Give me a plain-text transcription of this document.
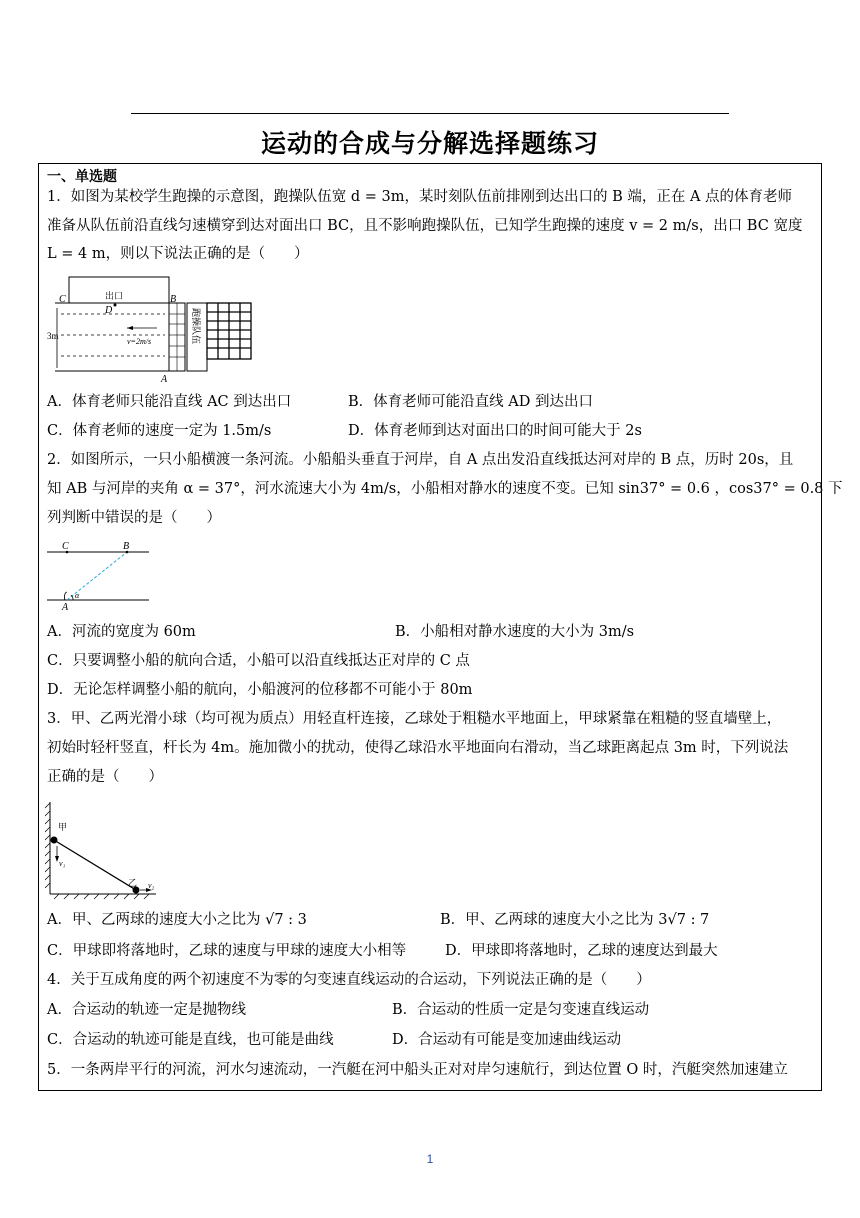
运动的合成与分解选择题练习
一、单选题
1．如图为某校学生跑操的示意图，跑操队伍宽 d = 3m，某时刻队伍前排刚到达出口的 B 端，正在 A 点的体育老师
准备从队伍前沿直线匀速横穿到达对面出口 BC，且不影响跑操队伍，已知学生跑操的速度 v = 2 m/s，出口 BC 宽度
L = 4 m，则以下说法正确的是（　　）
C	出口	B
D
3m
v=2m/s	跑操队伍
A
A．体育老师只能沿直线 AC 到达出口	B．体育老师可能沿直线 AD 到达出口
C．体育老师的速度一定为 1.5m/s	D．体育老师到达对面出口的时间可能大于 2s
2．如图所示，一只小船横渡一条河流。小船船头垂直于河岸，自 A 点出发沿直线抵达河对岸的 B 点，历时 20s，且
知 AB 与河岸的夹角 α = 37°，河水流速大小为 4m/s，小船相对静水的速度不变。已知 sin37° = 0.6 ，cos37° = 0.8 下
列判断中错误的是（　　）
C	B
α
A
A．河流的宽度为 60m	B．小船相对静水速度的大小为 3m/s
C．只要调整小船的航向合适，小船可以沿直线抵达正对岸的 C 点
D．无论怎样调整小船的航向，小船渡河的位移都不可能小于 80m
3．甲、乙两光滑小球（均可视为质点）用轻直杆连接，乙球处于粗糙水平地面上，甲球紧靠在粗糙的竖直墙壁上，
初始时轻杆竖直，杆长为 4m。施加微小的扰动，使得乙球沿水平地面向右滑动，当乙球距离起点 3m 时，下列说法
正确的是（　　）
甲
v₁
乙 v₂
A．甲、乙两球的速度大小之比为 √7 : 3	B．甲、乙两球的速度大小之比为 3√7 : 7
C．甲球即将落地时，乙球的速度与甲球的速度大小相等	D．甲球即将落地时，乙球的速度达到最大
4．关于互成角度的两个初速度不为零的匀变速直线运动的合运动，下列说法正确的是（　　）
A．合运动的轨迹一定是抛物线	B．合运动的性质一定是匀变速直线运动
C．合运动的轨迹可能是直线，也可能是曲线	D．合运动有可能是变加速曲线运动
5．一条两岸平行的河流，河水匀速流动，一汽艇在河中船头正对对岸匀速航行，到达位置 O 时，汽艇突然加速建立
1
